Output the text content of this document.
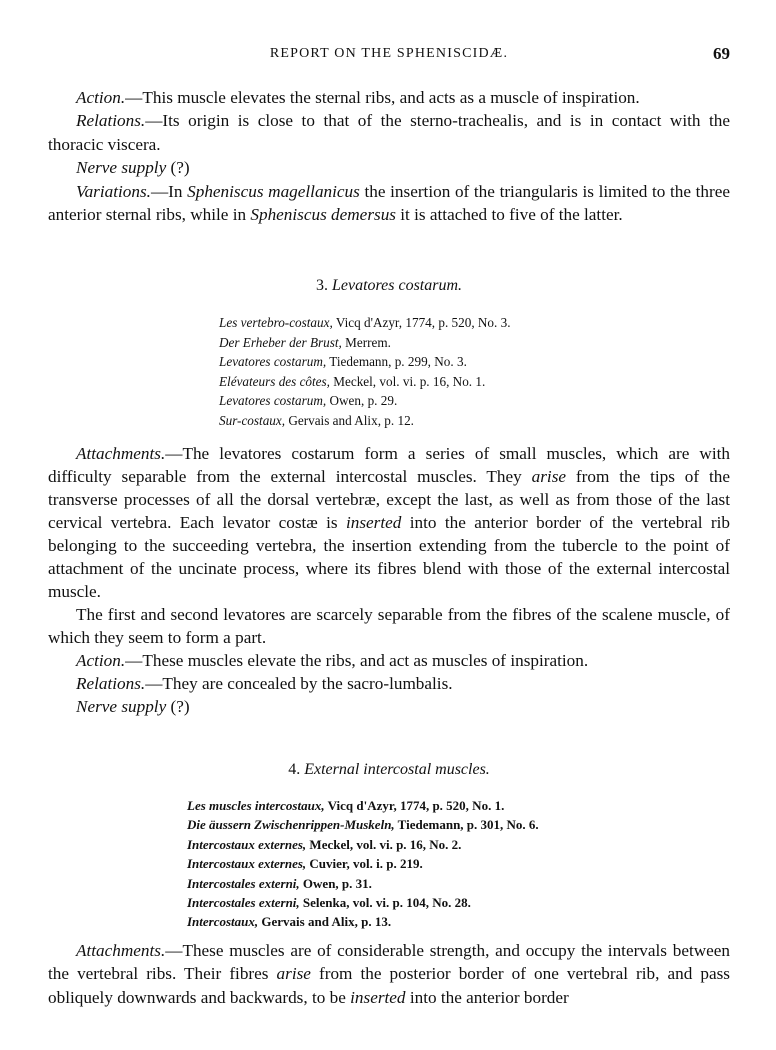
REPORT ON THE SPHENISCIDÆ.	69

Action.—This muscle elevates the sternal ribs, and acts as a muscle of inspiration.

Relations.—Its origin is close to that of the sterno-trachealis, and is in contact with the thoracic viscera.

Nerve supply (?)

Variations.—In Spheniscus magellanicus the insertion of the triangularis is limited to the three anterior sternal ribs, while in Spheniscus demersus it is attached to five of the latter.

3. Levatores costarum.
Les vertebro-costaux, Vicq d'Azyr, 1774, p. 520, No. 3.
Der Erheber der Brust, Merrem.
Levatores costarum, Tiedemann, p. 299, No. 3.
Elévateurs des côtes, Meckel, vol. vi. p. 16, No. 1.
Levatores costarum, Owen, p. 29.
Sur-costaux, Gervais and Alix, p. 12.

Attachments.—The levatores costarum form a series of small muscles, which are with difficulty separable from the external intercostal muscles. They arise from the tips of the transverse processes of all the dorsal vertebræ, except the last, as well as from those of the last cervical vertebra. Each levator costæ is inserted into the anterior border of the vertebral rib belonging to the succeeding vertebra, the insertion extending from the tubercle to the point of attachment of the uncinate process, where its fibres blend with those of the external intercostal muscle.

The first and second levatores are scarcely separable from the fibres of the scalene muscle, of which they seem to form a part.

Action.—These muscles elevate the ribs, and act as muscles of inspiration.

Relations.—They are concealed by the sacro-lumbalis.

Nerve supply (?)

4. External intercostal muscles.
Les muscles intercostaux, Vicq d'Azyr, 1774, p. 520, No. 1.
Die äussern Zwischenrippen-Muskeln, Tiedemann, p. 301, No. 6.
Intercostaux externes, Meckel, vol. vi. p. 16, No. 2.
Intercostaux externes, Cuvier, vol. i. p. 219.
Intercostales externi, Owen, p. 31.
Intercostales externi, Selenka, vol. vi. p. 104, No. 28.
Intercostaux, Gervais and Alix, p. 13.

Attachments.—These muscles are of considerable strength, and occupy the intervals between the vertebral ribs. Their fibres arise from the posterior border of one vertebral rib, and pass obliquely downwards and backwards, to be inserted into the anterior border
